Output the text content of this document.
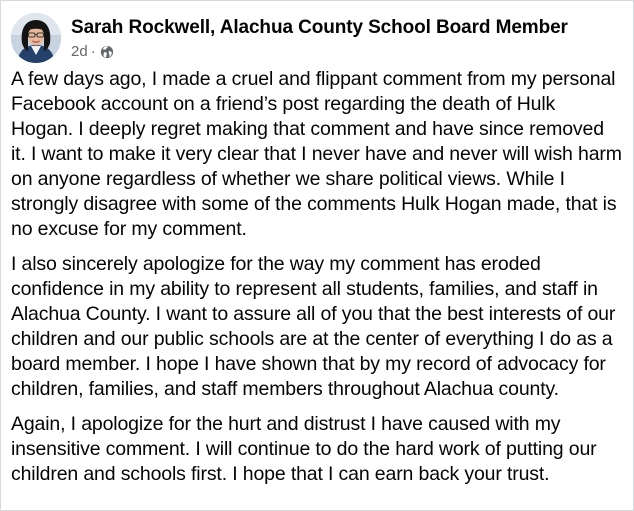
Sarah Rockwell, Alachua County School Board Member
2d ·

A few days ago, I made a cruel and flippant comment from my personal
Facebook account on a friend’s post regarding the death of Hulk
Hogan. I deeply regret making that comment and have since removed
it. I want to make it very clear that I never have and never will wish harm
on anyone regardless of whether we share political views. While I
strongly disagree with some of the comments Hulk Hogan made, that is
no excuse for my comment.

I also sincerely apologize for the way my comment has eroded
confidence in my ability to represent all students, families, and staff in
Alachua County. I want to assure all of you that the best interests of our
children and our public schools are at the center of everything I do as a
board member. I hope I have shown that by my record of advocacy for
children, families, and staff members throughout Alachua county.

Again, I apologize for the hurt and distrust I have caused with my
insensitive comment. I will continue to do the hard work of putting our
children and schools first. I hope that I can earn back your trust.
